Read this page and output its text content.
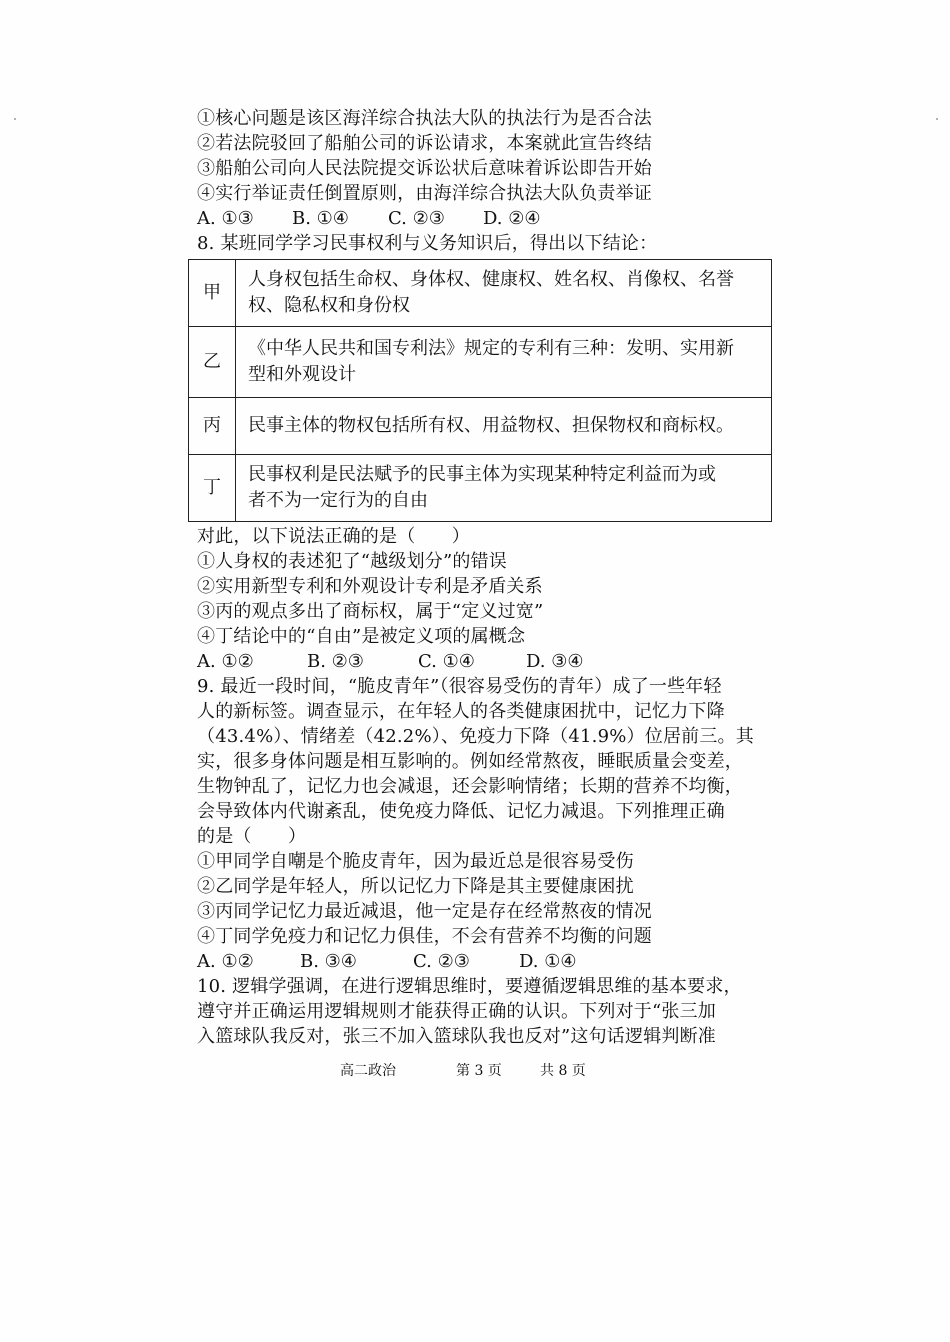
①核心问题是该区海洋综合执法大队的执法行为是否合法
②若法院驳回了船舶公司的诉讼请求，本案就此宣告终结
③船舶公司向人民法院提交诉讼状后意味着诉讼即告开始
④实行举证责任倒置原则，由海洋综合执法大队负责举证
A. ①③	B. ①④	C. ②③	D. ②④
8. 某班同学学习民事权利与义务知识后，得出以下结论：
甲	人身权包括生命权、身体权、健康权、姓名权、肖像权、名誉
权、隐私权和身份权

乙	《中华人民共和国专利法》规定的专利有三种：发明、实用新
型和外观设计

丙	民事主体的物权包括所有权、用益物权、担保物权和商标权。

丁	民事权利是民法赋予的民事主体为实现某种特定利益而为或
者不为一定行为的自由
对此，以下说法正确的是（　　）
①人身权的表述犯了“越级划分”的错误
②实用新型专利和外观设计专利是矛盾关系
③丙的观点多出了商标权，属于“定义过宽”
④丁结论中的“自由”是被定义项的属概念
A. ①②	B. ②③	C. ①④	D. ③④
9. 最近一段时间，“脆皮青年”（很容易受伤的青年）成了一些年轻
人的新标签。调查显示，在年轻人的各类健康困扰中，记忆力下降
（43.4%）、情绪差（42.2%）、免疫力下降（41.9%）位居前三。其
实，很多身体问题是相互影响的。例如经常熬夜，睡眠质量会变差，
生物钟乱了，记忆力也会减退，还会影响情绪；长期的营养不均衡，
会导致体内代谢紊乱，使免疫力降低、记忆力减退。下列推理正确
的是（　　）
①甲同学自嘲是个脆皮青年，因为最近总是很容易受伤
②乙同学是年轻人，所以记忆力下降是其主要健康困扰
③丙同学记忆力最近减退，他一定是存在经常熬夜的情况
④丁同学免疫力和记忆力俱佳，不会有营养不均衡的问题
A. ①②	B. ③④	C. ②③	D. ①④
10. 逻辑学强调，在进行逻辑思维时，要遵循逻辑思维的基本要求，
遵守并正确运用逻辑规则才能获得正确的认识。下列对于“张三加
入篮球队我反对，张三不加入篮球队我也反对”这句话逻辑判断准
高二政治	第 3 页	共 8 页
